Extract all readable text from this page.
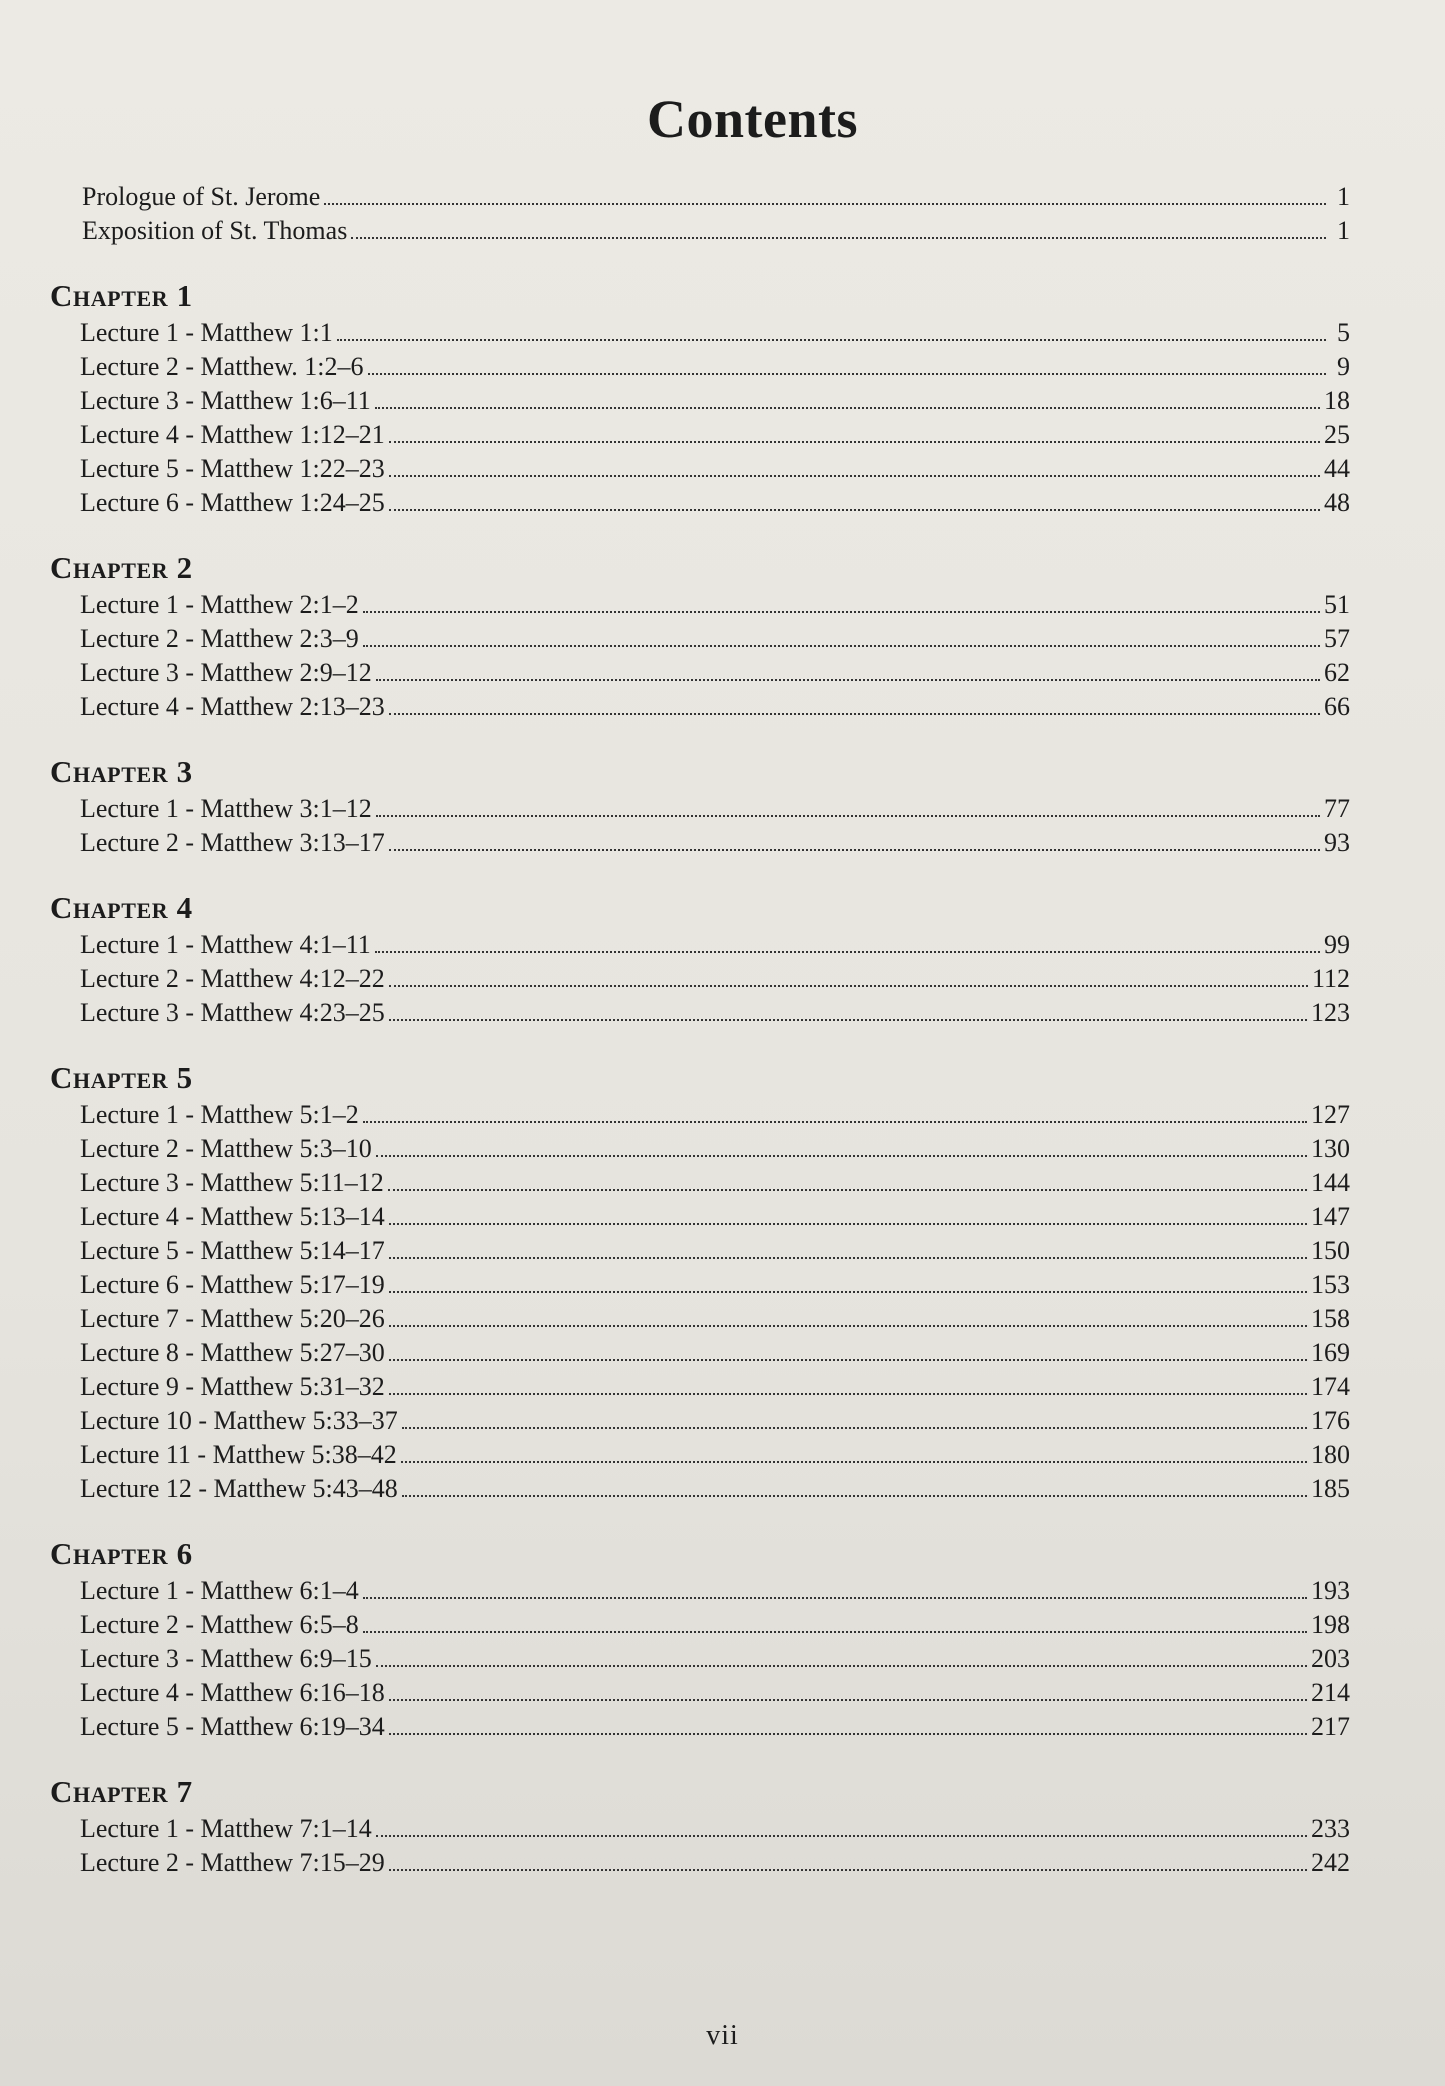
Contents
Prologue of St. Jerome	1
Exposition of St. Thomas	1
Chapter 1
Lecture 1 - Matthew 1:1	5
Lecture 2 - Matthew. 1:2–6	9
Lecture 3 - Matthew 1:6–11	18
Lecture 4 - Matthew 1:12–21	25
Lecture 5 - Matthew 1:22–23	44
Lecture 6 - Matthew 1:24–25	48
Chapter 2
Lecture 1 - Matthew 2:1–2	51
Lecture 2 - Matthew 2:3–9	57
Lecture 3 - Matthew 2:9–12	62
Lecture 4 - Matthew 2:13–23	66
Chapter 3
Lecture 1 - Matthew 3:1–12	77
Lecture 2 - Matthew 3:13–17	93
Chapter 4
Lecture 1 - Matthew 4:1–11	99
Lecture 2 - Matthew 4:12–22	112
Lecture 3 - Matthew 4:23–25	123
Chapter 5
Lecture 1 - Matthew 5:1–2	127
Lecture 2 - Matthew 5:3–10	130
Lecture 3 - Matthew 5:11–12	144
Lecture 4 - Matthew 5:13–14	147
Lecture 5 - Matthew 5:14–17	150
Lecture 6 - Matthew 5:17–19	153
Lecture 7 - Matthew 5:20–26	158
Lecture 8 - Matthew 5:27–30	169
Lecture 9 - Matthew 5:31–32	174
Lecture 10 - Matthew 5:33–37	176
Lecture 11 - Matthew 5:38–42	180
Lecture 12 - Matthew 5:43–48	185
Chapter 6
Lecture 1 - Matthew 6:1–4	193
Lecture 2 - Matthew 6:5–8	198
Lecture 3 - Matthew 6:9–15	203
Lecture 4 - Matthew 6:16–18	214
Lecture 5 - Matthew 6:19–34	217
Chapter 7
Lecture 1 - Matthew 7:1–14	233
Lecture 2 - Matthew 7:15–29	242
vii
